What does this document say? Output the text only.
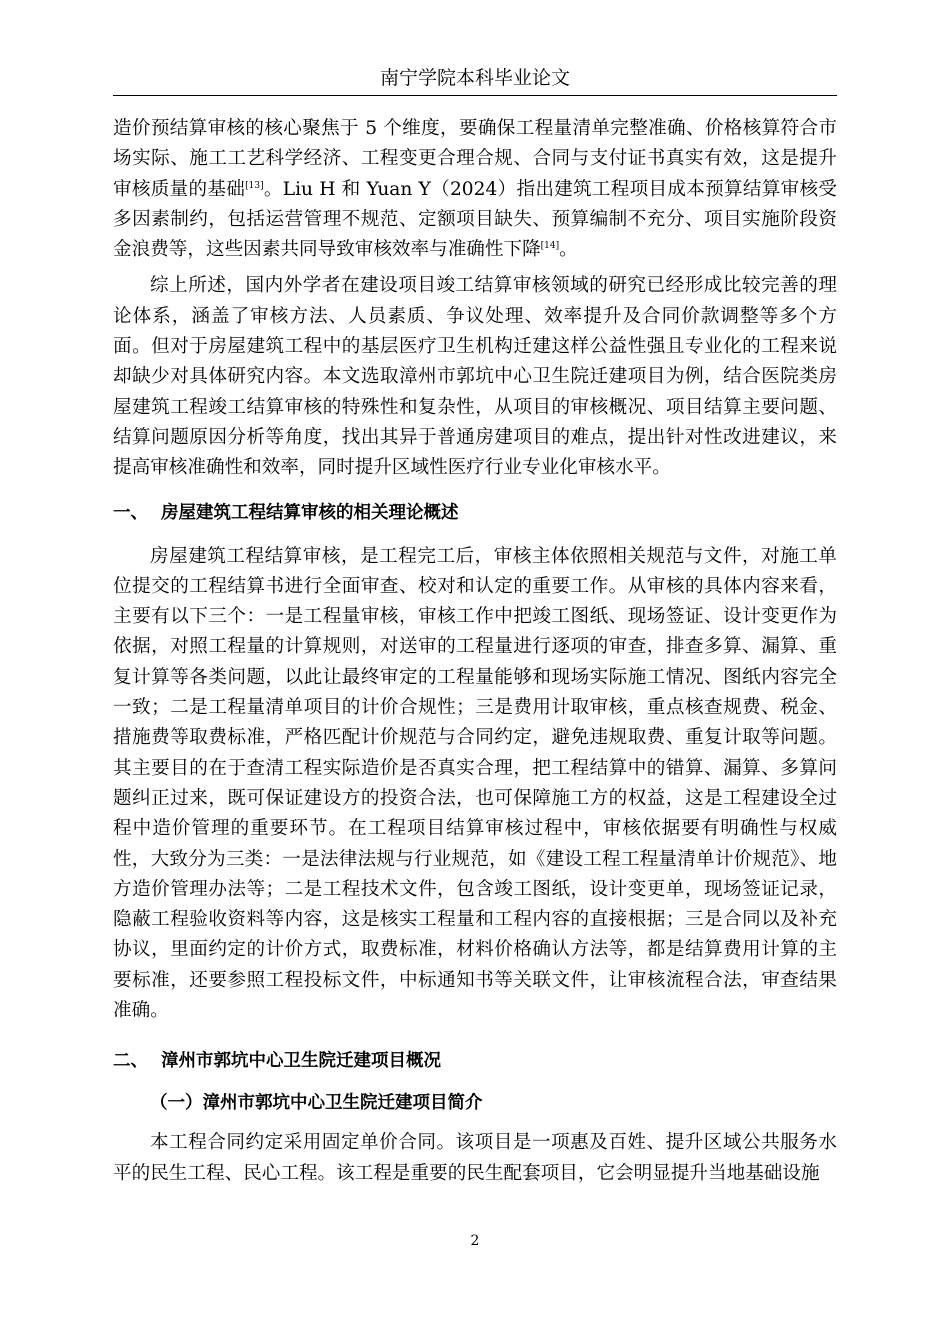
南宁学院本科毕业论文

造价预结算审核的核心聚焦于 5 个维度，要确保工程量清单完整准确、价格核算符合市场实际、施工工艺科学经济、工程变更合理合规、合同与支付证书真实有效，这是提升审核质量的基础[13]。Liu H 和 Yuan Y（2024）指出建筑工程项目成本预算结算审核受多因素制约，包括运营管理不规范、定额项目缺失、预算编制不充分、项目实施阶段资金浪费等，这些因素共同导致审核效率与准确性下降[14]。

综上所述，国内外学者在建设项目竣工结算审核领域的研究已经形成比较完善的理论体系，涵盖了审核方法、人员素质、争议处理、效率提升及合同价款调整等多个方面。但对于房屋建筑工程中的基层医疗卫生机构迁建这样公益性强且专业化的工程来说却缺少对具体研究内容。本文选取漳州市郭坑中心卫生院迁建项目为例，结合医院类房屋建筑工程竣工结算审核的特殊性和复杂性，从项目的审核概况、项目结算主要问题、结算问题原因分析等角度，找出其异于普通房建项目的难点，提出针对性改进建议，来提高审核准确性和效率，同时提升区域性医疗行业专业化审核水平。

一、 房屋建筑工程结算审核的相关理论概述

房屋建筑工程结算审核，是工程完工后，审核主体依照相关规范与文件，对施工单位提交的工程结算书进行全面审查、校对和认定的重要工作。从审核的具体内容来看，主要有以下三个：一是工程量审核，审核工作中把竣工图纸、现场签证、设计变更作为依据，对照工程量的计算规则，对送审的工程量进行逐项的审查，排查多算、漏算、重复计算等各类问题，以此让最终审定的工程量能够和现场实际施工情况、图纸内容完全一致；二是工程量清单项目的计价合规性；三是费用计取审核，重点核查规费、税金、措施费等取费标准，严格匹配计价规范与合同约定，避免违规取费、重复计取等问题。其主要目的在于查清工程实际造价是否真实合理，把工程结算中的错算、漏算、多算问题纠正过来，既可保证建设方的投资合法，也可保障施工方的权益，这是工程建设全过程中造价管理的重要环节。在工程项目结算审核过程中，审核依据要有明确性与权威性，大致分为三类：一是法律法规与行业规范，如《建设工程工程量清单计价规范》、地方造价管理办法等；二是工程技术文件，包含竣工图纸，设计变更单，现场签证记录，隐蔽工程验收资料等内容，这是核实工程量和工程内容的直接根据；三是合同以及补充协议，里面约定的计价方式，取费标准，材料价格确认方法等，都是结算费用计算的主要标准，还要参照工程投标文件，中标通知书等关联文件，让审核流程合法，审查结果准确。

二、 漳州市郭坑中心卫生院迁建项目概况
（一）漳州市郭坑中心卫生院迁建项目简介

本工程合同约定采用固定单价合同。该项目是一项惠及百姓、提升区域公共服务水平的民生工程、民心工程。该工程是重要的民生配套项目，它会明显提升当地基础设施

2
